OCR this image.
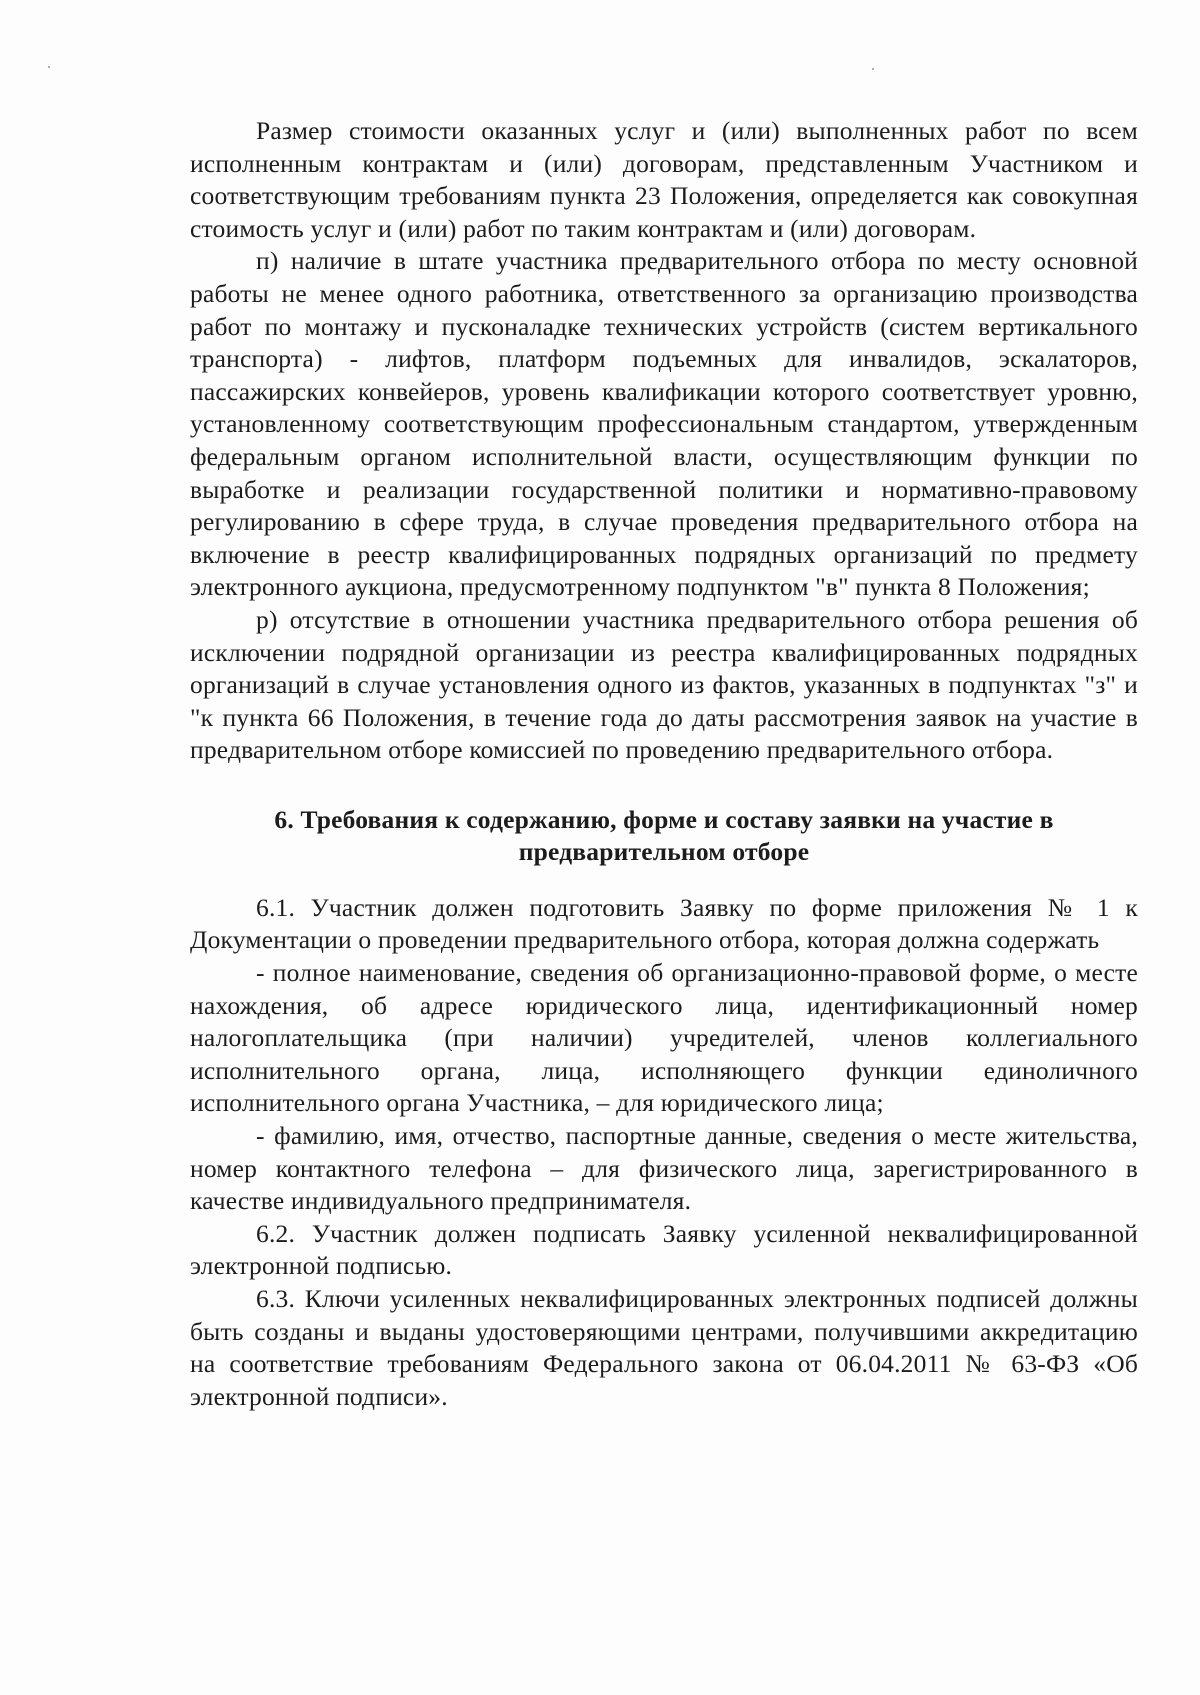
Размер стоимости оказанных услуг и (или) выполненных работ по всем исполненным контрактам и (или) договорам, представленным Участником и соответствующим требованиям пункта 23 Положения, определяется как совокупная стоимость услуг и (или) работ по таким контрактам и (или) договорам.

п) наличие в штате участника предварительного отбора по месту основной работы не менее одного работника, ответственного за организацию производства работ по монтажу и пусконаладке технических устройств (систем вертикального транспорта) - лифтов, платформ подъемных для инвалидов, эскалаторов, пассажирских конвейеров, уровень квалификации которого соответствует уровню, установленному соответствующим профессиональным стандартом, утвержденным федеральным органом исполнительной власти, осуществляющим функции по выработке и реализации государственной политики и нормативно-правовому регулированию в сфере труда, в случае проведения предварительного отбора на включение в реестр квалифицированных подрядных организаций по предмету электронного аукциона, предусмотренному подпунктом "в" пункта 8 Положения;

р) отсутствие в отношении участника предварительного отбора решения об исключении подрядной организации из реестра квалифицированных подрядных организаций в случае установления одного из фактов, указанных в подпунктах "з" и "к пункта 66 Положения, в течение года до даты рассмотрения заявок на участие в предварительном отборе комиссией по проведению предварительного отбора.

6. Требования к содержанию, форме и составу заявки на участие в предварительном отборе

6.1. Участник должен подготовить Заявку по форме приложения № 1 к Документации о проведении предварительного отбора, которая должна содержать

- полное наименование, сведения об организационно-правовой форме, о месте нахождения, об адресе юридического лица, идентификационный номер налогоплательщика (при наличии) учредителей, членов коллегиального исполнительного органа, лица, исполняющего функции единоличного исполнительного органа Участника, – для юридического лица;

- фамилию, имя, отчество, паспортные данные, сведения о месте жительства, номер контактного телефона – для физического лица, зарегистрированного в качестве индивидуального предпринимателя.

6.2. Участник должен подписать Заявку усиленной неквалифицированной электронной подписью.

6.3. Ключи усиленных неквалифицированных электронных подписей должны быть созданы и выданы удостоверяющими центрами, получившими аккредитацию на соответствие требованиям Федерального закона от 06.04.2011 № 63-ФЗ «Об электронной подписи».
